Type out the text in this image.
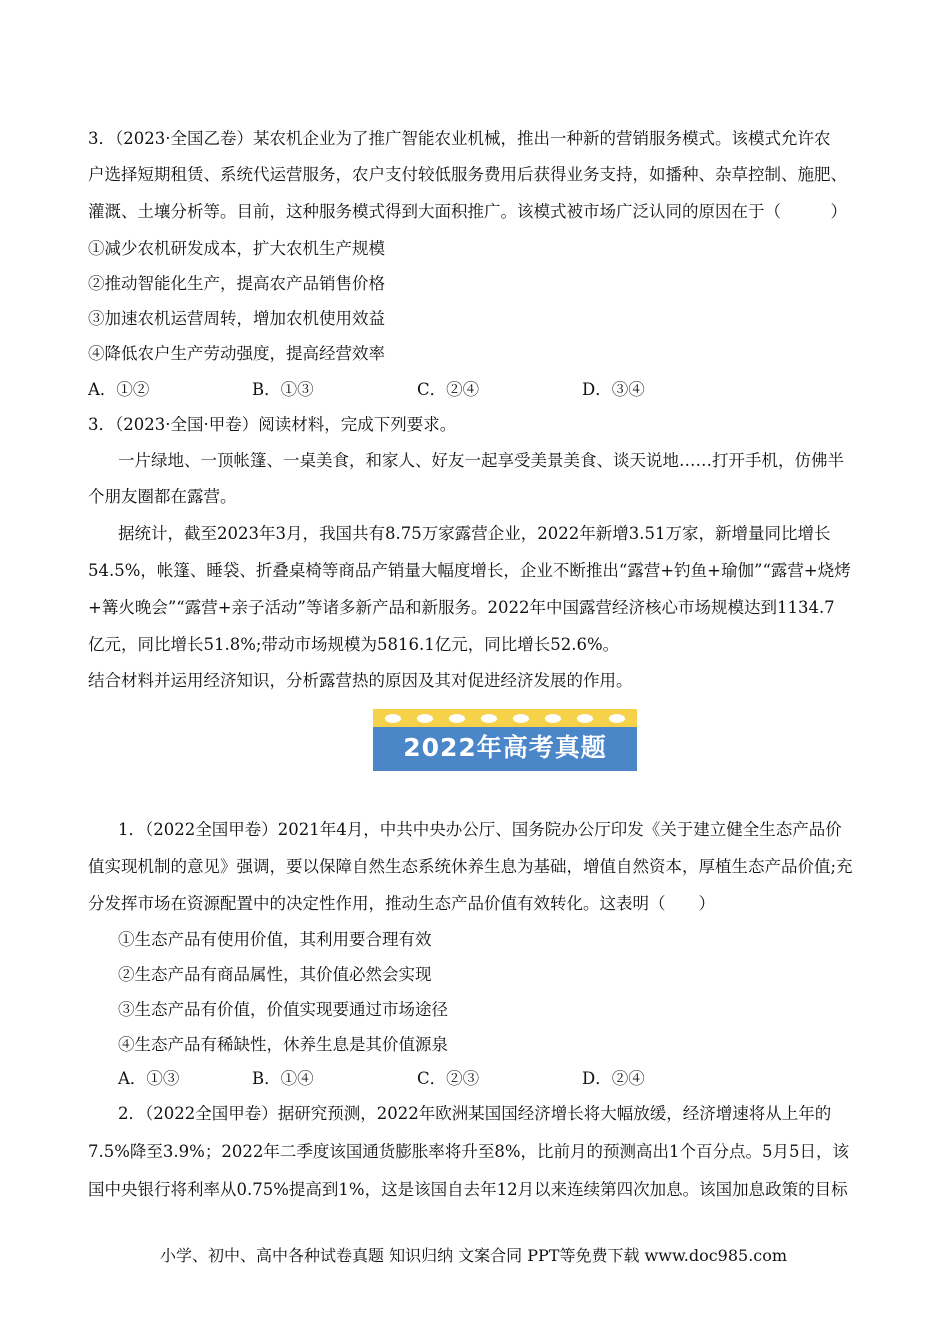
3．（2023·全国乙卷）某农机企业为了推广智能农业机械，推出一种新的营销服务模式。该模式允许农
户选择短期租赁、系统代运营服务，农户支付较低服务费用后获得业务支持，如播种、杂草控制、施肥、
灌溉、土壤分析等。目前，这种服务模式得到大面积推广。该模式被市场广泛认同的原因在于（　　　）
①减少农机研发成本，扩大农机生产规模
②推动智能化生产，提高农产品销售价格
③加速农机运营周转，增加农机使用效益
④降低农户生产劳动强度，提高经营效率
A．①②	B．①③	C．②④	D．③④
3．（2023·全国·甲卷）阅读材料，完成下列要求。
一片绿地、一顶帐篷、一桌美食，和家人、好友一起享受美景美食、谈天说地……打开手机，仿佛半
个朋友圈都在露营。
据统计，截至2023年3月，我国共有8.75万家露营企业，2022年新增3.51万家，新增量同比增长
54.5%，帐篷、睡袋、折叠桌椅等商品产销量大幅度增长，企业不断推出“露营+钓鱼+瑜伽”“露营+烧烤
+篝火晚会”“露营+亲子活动”等诸多新产品和新服务。2022年中国露营经济核心市场规模达到1134.7
亿元，同比增长51.8%;带动市场规模为5816.1亿元，同比增长52.6%。
结合材料并运用经济知识，分析露营热的原因及其对促进经济发展的作用。
2022年高考真题
1．（2022全国甲卷）2021年4月，中共中央办公厅、国务院办公厅印发《关于建立健全生态产品价
值实现机制的意见》强调，要以保障自然生态系统休养生息为基础，增值自然资本，厚植生态产品价值;充
分发挥市场在资源配置中的决定性作用，推动生态产品价值有效转化。这表明（　　）
①生态产品有使用价值，其利用要合理有效
②生态产品有商品属性，其价值必然会实现
③生态产品有价值，价值实现要通过市场途径
④生态产品有稀缺性，休养生息是其价值源泉
A．①③	B．①④	C．②③	D．②④
2．（2022全国甲卷）据研究预测，2022年欧洲某国国经济增长将大幅放缓，经济增速将从上年的
7.5%降至3.9%；2022年二季度该国通货膨胀率将升至8%，比前月的预测高出1个百分点。5月5日，该
国中央银行将利率从0.75%提高到1%，这是该国自去年12月以来连续第四次加息。该国加息政策的目标
小学、初中、高中各种试卷真题 知识归纳 文案合同 PPT等免费下载 www.doc985.com
